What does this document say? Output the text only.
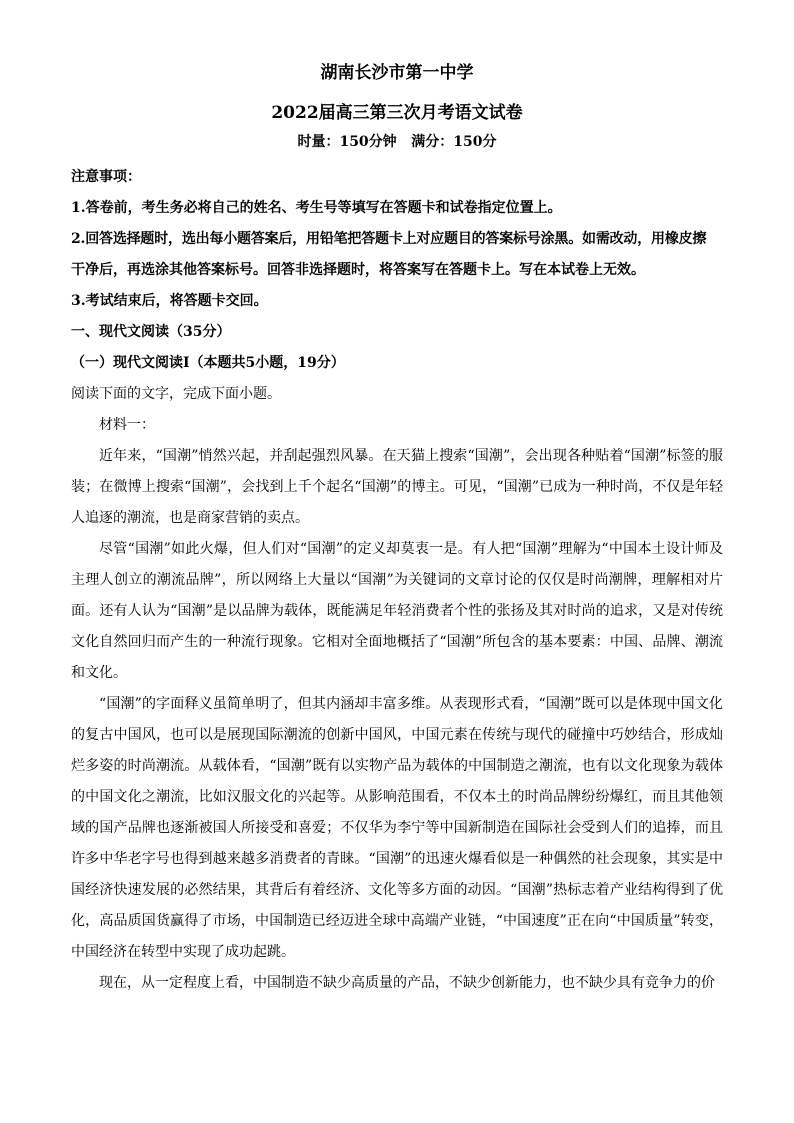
湖南长沙市第一中学
2022届高三第三次月考语文试卷
时量：150分钟   满分：150分
注意事项：
1.答卷前，考生务必将自己的姓名、考生号等填写在答题卡和试卷指定位置上。
2.回答选择题时，选出每小题答案后，用铅笔把答题卡上对应题目的答案标号涂黑。如需改动，用橡皮擦
干净后，再选涂其他答案标号。回答非选择题时，将答案写在答题卡上。写在本试卷上无效。
3.考试结束后，将答题卡交回。
一、现代文阅读（35分）
（一）现代文阅读Ⅰ（本题共5小题，19分）
阅读下面的文字，完成下面小题。
材料一：

近年来，“国潮”悄然兴起，并刮起强烈风暴。在天猫上搜索“国潮”，会出现各种贴着“国潮”标签的服装；在微博上搜索“国潮”，会找到上千个起名“国潮”的博主。可见，“国潮”已成为一种时尚，不仅是年轻人追逐的潮流，也是商家营销的卖点。

尽管“国潮”如此火爆，但人们对“国潮”的定义却莫衷一是。有人把“国潮”理解为“中国本土设计师及主理人创立的潮流品牌”，所以网络上大量以“国潮”为关键词的文章讨论的仅仅是时尚潮牌，理解相对片面。还有人认为“国潮”是以品牌为载体，既能满足年轻消费者个性的张扬及其对时尚的追求，又是对传统文化自然回归而产生的一种流行现象。它相对全面地概括了“国潮”所包含的基本要素：中国、品牌、潮流和文化。

“国潮”的字面释义虽简单明了，但其内涵却丰富多维。从表现形式看，“国潮”既可以是体现中国文化的复古中国风，也可以是展现国际潮流的创新中国风，中国元素在传统与现代的碰撞中巧妙结合，形成灿烂多姿的时尚潮流。从载体看，“国潮”既有以实物产品为载体的中国制造之潮流，也有以文化现象为载体的中国文化之潮流，比如汉服文化的兴起等。从影响范围看，不仅本土的时尚品牌纷纷爆红，而且其他领域的国产品牌也逐渐被国人所接受和喜爱；不仅华为李宁等中国新制造在国际社会受到人们的追捧，而且许多中华老字号也得到越来越多消费者的青睐。“国潮”的迅速火爆看似是一种偶然的社会现象，其实是中国经济快速发展的必然结果，其背后有着经济、文化等多方面的动因。“国潮”热标志着产业结构得到了优化，高品质国货赢得了市场，中国制造已经迈进全球中高端产业链，“中国速度”正在向“中国质量”转变，中国经济在转型中实现了成功起跳。

现在，从一定程度上看，中国制造不缺少高质量的产品，不缺少创新能力，也不缺少具有竞争力的价
